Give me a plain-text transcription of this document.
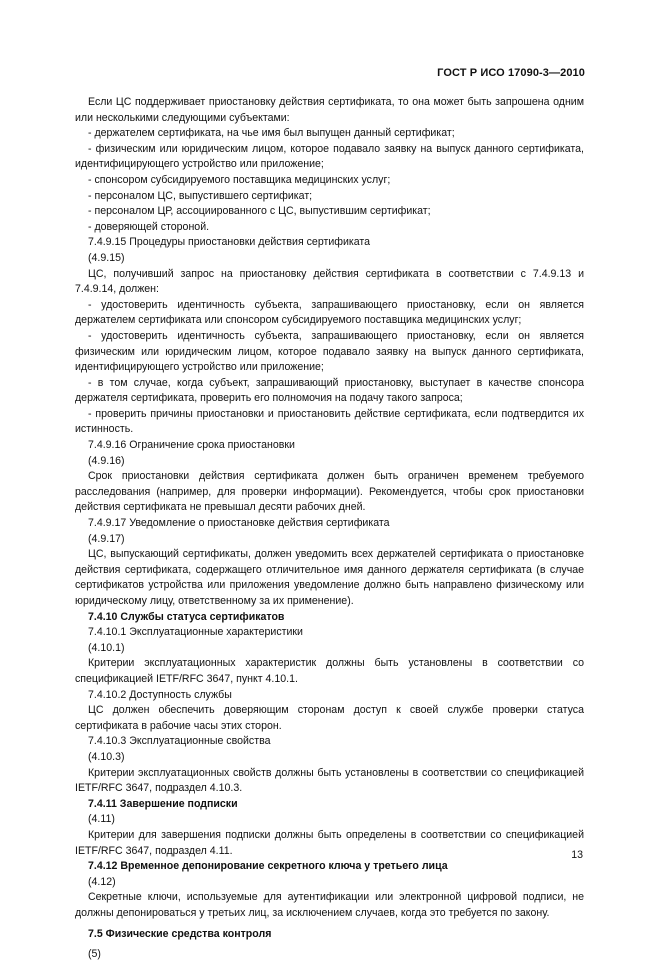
ГОСТ Р ИСО 17090-3—2010

Если ЦС поддерживает приостановку действия сертификата, то она может быть запрошена одним или несколькими следующими субъектами:

- держателем сертификата, на чье имя был выпущен данный сертификат;

- физическим или юридическим лицом, которое подавало заявку на выпуск данного сертификата, идентифицирующего устройство или приложение;

- спонсором субсидируемого поставщика медицинских услуг;

- персоналом ЦС, выпустившего сертификат;

- персоналом ЦР, ассоциированного с ЦС, выпустившим сертификат;

- доверяющей стороной.

7.4.9.15 Процедуры приостановки действия сертификата

(4.9.15)

ЦС, получивший запрос на приостановку действия сертификата в соответствии с 7.4.9.13 и 7.4.9.14, должен:

- удостоверить идентичность субъекта, запрашивающего приостановку, если он является держателем сертификата или спонсором субсидируемого поставщика медицинских услуг;

- удостоверить идентичность субъекта, запрашивающего приостановку, если он является физическим или юридическим лицом, которое подавало заявку на выпуск данного сертификата, идентифицирующего устройство или приложение;

- в том случае, когда субъект, запрашивающий приостановку, выступает в качестве спонсора держателя сертификата, проверить его полномочия на подачу такого запроса;

- проверить причины приостановки и приостановить действие сертификата, если подтвердится их истинность.

7.4.9.16 Ограничение срока приостановки

(4.9.16)

Срок приостановки действия сертификата должен быть ограничен временем требуемого расследования (например, для проверки информации). Рекомендуется, чтобы срок приостановки действия сертификата не превышал десяти рабочих дней.

7.4.9.17 Уведомление о приостановке действия сертификата

(4.9.17)

ЦС, выпускающий сертификаты, должен уведомить всех держателей сертификата о приостановке действия сертификата, содержащего отличительное имя данного держателя сертификата (в случае сертификатов устройства или приложения уведомление должно быть направлено физическому или юридическому лицу, ответственному за их применение).

7.4.10 Службы статуса сертификатов

7.4.10.1 Эксплуатационные характеристики

(4.10.1)

Критерии эксплуатационных характеристик должны быть установлены в соответствии со спецификацией IETF/RFC 3647, пункт 4.10.1.

7.4.10.2 Доступность службы

ЦС должен обеспечить доверяющим сторонам доступ к своей службе проверки статуса сертификата в рабочие часы этих сторон.

7.4.10.3 Эксплуатационные свойства

(4.10.3)

Критерии эксплуатационных свойств должны быть установлены в соответствии со спецификацией IETF/RFC 3647, подраздел 4.10.3.

7.4.11 Завершение подписки

(4.11)

Критерии для завершения подписки должны быть определены в соответствии со спецификацией IETF/RFC 3647, подраздел 4.11.

7.4.12 Временное депонирование секретного ключа у третьего лица

(4.12)

Секретные ключи, используемые для аутентификации или электронной цифровой подписи, не должны депонироваться у третьих лиц, за исключением случаев, когда это требуется по закону.

7.5 Физические средства контроля

(5)

13
